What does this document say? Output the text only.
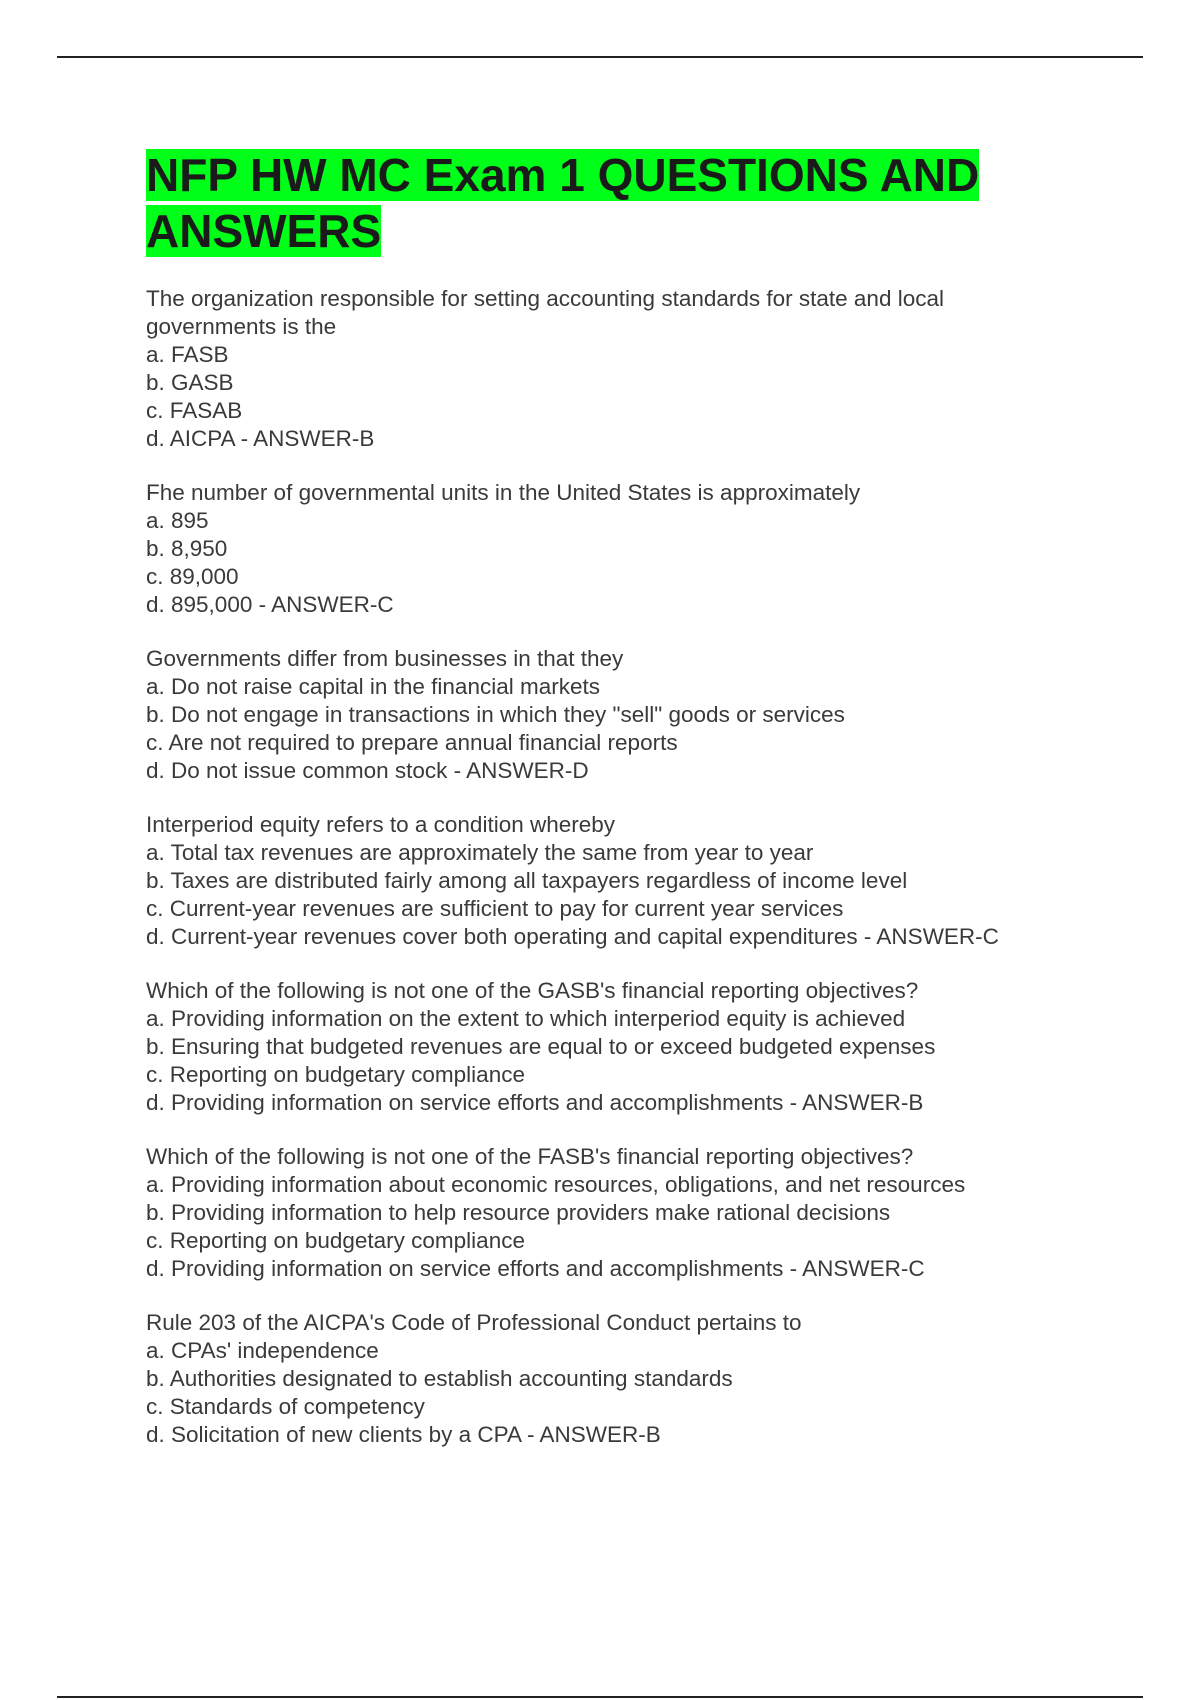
NFP HW MC Exam 1 QUESTIONS AND ANSWERS
The organization responsible for setting accounting standards for state and local governments is the
a. FASB
b. GASB
c. FASAB
d. AICPA - ANSWER-B
Fhe number of governmental units in the United States is approximately
a. 895
b. 8,950
c. 89,000
d. 895,000 - ANSWER-C
Governments differ from businesses in that they
a. Do not raise capital in the financial markets
b. Do not engage in transactions in which they "sell" goods or services
c. Are not required to prepare annual financial reports
d. Do not issue common stock - ANSWER-D
Interperiod equity refers to a condition whereby
a. Total tax revenues are approximately the same from year to year
b. Taxes are distributed fairly among all taxpayers regardless of income level
c. Current-year revenues are sufficient to pay for current year services
d. Current-year revenues cover both operating and capital expenditures - ANSWER-C
Which of the following is not one of the GASB's financial reporting objectives?
a. Providing information on the extent to which interperiod equity is achieved
b. Ensuring that budgeted revenues are equal to or exceed budgeted expenses
c. Reporting on budgetary compliance
d. Providing information on service efforts and accomplishments - ANSWER-B
Which of the following is not one of the FASB's financial reporting objectives?
a. Providing information about economic resources, obligations, and net resources
b. Providing information to help resource providers make rational decisions
c. Reporting on budgetary compliance
d. Providing information on service efforts and accomplishments - ANSWER-C
Rule 203 of the AICPA's Code of Professional Conduct pertains to
a. CPAs' independence
b. Authorities designated to establish accounting standards
c. Standards of competency
d. Solicitation of new clients by a CPA - ANSWER-B
